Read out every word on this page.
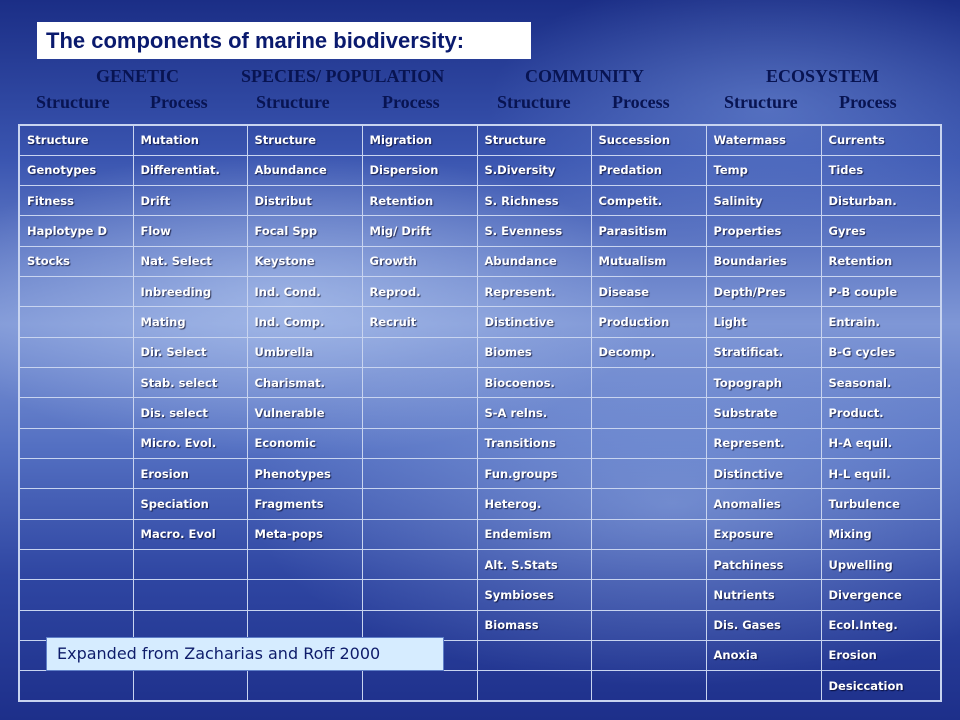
The components of marine biodiversity:
GENETIC	SPECIES/ POPULATION	COMMUNITY	ECOSYSTEM
Structure Process	Structure	Process	Structure Process	Structure Process
Structure	Mutation	Structure	Migration	Structure	Succession	Watermass	Currents
Genotypes	Differentiat.	Abundance	Dispersion	S.Diversity	Predation	Temp	Tides
Fitness	Drift	Distribut	Retention	S. Richness	Competit.	Salinity	Disturban.
Haplotype D	Flow	Focal Spp	Mig/ Drift	S. Evenness	Parasitism	Properties	Gyres
Stocks	Nat. Select	Keystone	Growth	Abundance	Mutualism	Boundaries	Retention
	Inbreeding	Ind. Cond.	Reprod.	Represent.	Disease	Depth/Pres	P-B couple
	Mating	Ind. Comp.	Recruit	Distinctive	Production	Light	Entrain.
	Dir. Select	Umbrella		Biomes	Decomp.	Stratificat.	B-G cycles
	Stab. select	Charismat.		Biocoenos.		Topograph	Seasonal.
	Dis. select	Vulnerable		S-A relns.		Substrate	Product.
	Micro. Evol.	Economic		Transitions		Represent.	H-A equil.
	Erosion	Phenotypes		Fun.groups		Distinctive	H-L equil.
	Speciation	Fragments		Heterog.		Anomalies	Turbulence
	Macro. Evol	Meta-pops		Endemism		Exposure	Mixing
				Alt. S.Stats		Patchiness	Upwelling
				Symbioses		Nutrients	Divergence
				Biomass		Dis. Gases	Ecol.Integ.
						Anoxia	Erosion
							Desiccation
Expanded from Zacharias and Roff 2000
